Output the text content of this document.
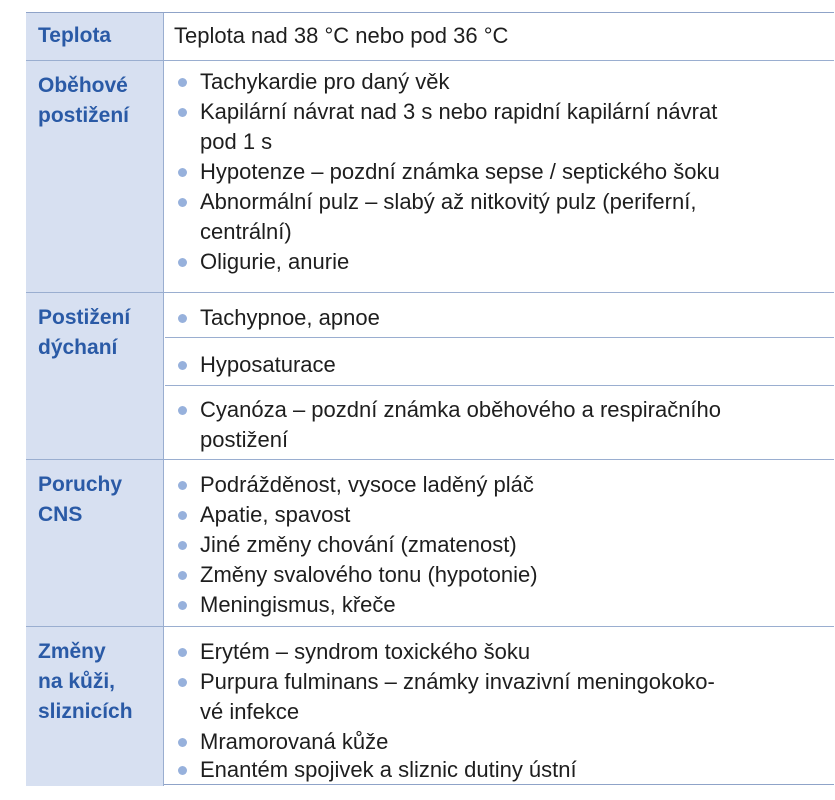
Teplota	Teplota nad 38 °C nebo pod 36 °C
Oběhové
postižení
Tachykardie pro daný věk
Kapilární návrat nad 3 s nebo rapidní kapilární návrat
pod 1 s
Hypotenze – pozdní známka sepse / septického šoku
Abnormální pulz – slabý až nitkovitý pulz (periferní,
centrální)
Oligurie, anurie
Postižení
dýchaní
Tachypnoe, apnoe
Hyposaturace
Cyanóza – pozdní známka oběhového a respiračního
postižení
Poruchy
CNS
Podrážděnost, vysoce laděný pláč
Apatie, spavost
Jiné změny chování (zmatenost)
Změny svalového tonu (hypotonie)
Meningismus, křeče
Změny
na kůži,
sliznicích
Erytém – syndrom toxického šoku
Purpura fulminans – známky invazivní meningokoko-
vé infekce
Mramorovaná kůže
Enantém spojivek a sliznic dutiny ústní
